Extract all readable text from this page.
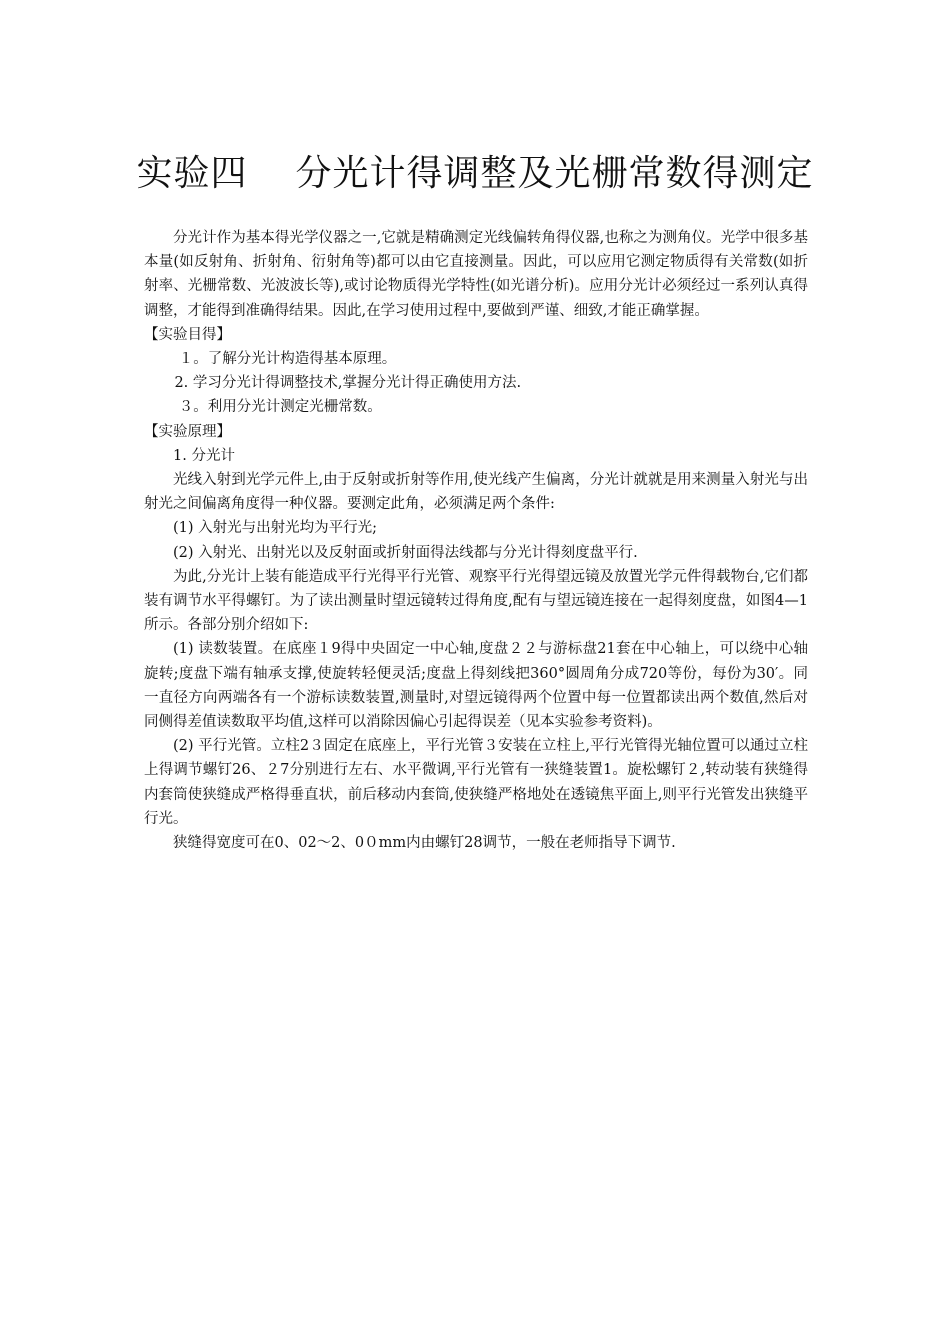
实验四 分光计得调整及光栅常数得测定

分光计作为基本得光学仪器之一,它就是精确测定光线偏转角得仪器,也称之为测角仪。光学中很多基本量(如反射角、折射角、衍射角等)都可以由它直接测量。因此，可以应用它测定物质得有关常数(如折射率、光栅常数、光波波长等),或讨论物质得光学特性(如光谱分析)。应用分光计必须经过一系列认真得调整，才能得到准确得结果。因此,在学习使用过程中,要做到严谨、细致,才能正确掌握。

【实验目得】

１。了解分光计构造得基本原理。

2. 学习分光计得调整技术,掌握分光计得正确使用方法.

３。利用分光计测定光栅常数。

【实验原理】

1. 分光计

光线入射到光学元件上,由于反射或折射等作用,使光线产生偏离，分光计就就是用来测量入射光与出射光之间偏离角度得一种仪器。要测定此角，必须满足两个条件:

(1) 入射光与出射光均为平行光;

(2) 入射光、出射光以及反射面或折射面得法线都与分光计得刻度盘平行.

为此,分光计上装有能造成平行光得平行光管、观察平行光得望远镜及放置光学元件得载物台,它们都装有调节水平得螺钉。为了读出测量时望远镜转过得角度,配有与望远镜连接在一起得刻度盘，如图4—1所示。各部分别介绍如下:

(1) 读数装置。在底座１9得中央固定一中心轴,度盘２２与游标盘21套在中心轴上，可以绕中心轴旋转;度盘下端有轴承支撑,使旋转轻便灵活;度盘上得刻线把360°圆周角分成720等份，每份为30′。同一直径方向两端各有一个游标读数装置,测量时,对望远镜得两个位置中每一位置都读出两个数值,然后对同侧得差值读数取平均值,这样可以消除因偏心引起得误差（见本实验参考资料)。

(2) 平行光管。立柱2３固定在底座上，平行光管３安装在立柱上,平行光管得光轴位置可以通过立柱上得调节螺钉26、２7分别进行左右、水平微调,平行光管有一狭缝装置1。旋松螺钉２,转动装有狭缝得内套筒使狭缝成严格得垂直状，前后移动内套筒,使狭缝严格地处在透镜焦平面上,则平行光管发出狭缝平行光。

狭缝得宽度可在0、02～2、0０mm内由螺钉28调节，一般在老师指导下调节.
